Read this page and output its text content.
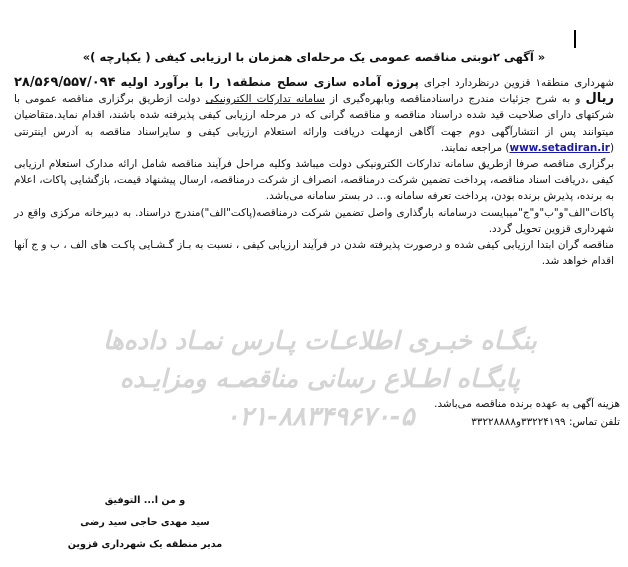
« آگهی ۲نوبتی مناقصه عمومی یک مرحله‌ای همزمان با ارزیابی کیفی ( یکپارچه )»

شهرداری منطقه۱ قزوین درنظردارد اجرای پروژه آماده سازی سطح منطقه۱ را با برآورد اولیه ۲۸/۵۶۹/۵۵۷/۰۹۴ ریال و به شرح جزئیات مندرج دراسنادمناقصه وبابهره‌گیری از سامانه تدارکات الکترونیکی دولت ازطریق برگزاری مناقصه عمومی با شرکتهای دارای صلاحیت قید شده دراسناد مناقصه و مناقصه گرانی که در مرحله ارزیابی کیفی پذیرفته شده باشند، اقدام نماید.متقاضیان میتوانند پس از انتشارآگهی دوم جهت آگاهی ازمهلت دریافت وارائه استعلام ارزیابی کیفی و سایراسناد مناقصه به آدرس اینترنتی (www.setadiran.ir) مراجعه نمایند.

برگزاری مناقصه صرفا ازطریق سامانه تدارکات الکترونیکی دولت میباشد وکلیه مراحل فرآیند مناقصه شامل ارائه مدارک استعلام ارزیابی کیفی ،دریافت اسناد مناقصه، پرداخت تضمین شرکت درمناقصه، انصراف از شرکت درمناقصه، ارسال پیشنهاد قیمت، بازگشایی پاکات، اعلام به برنده، پذیرش برنده بودن، پرداخت تعرفه سامانه و... در بستر سامانه می‌باشد.

پاکات"الف"و"ب"و"ج"میبایست درسامانه بارگذاری واصل تضمین شرکت درمناقصه(پاکت"الف")مندرج دراسناد. به دبیرخانه مرکزی واقع در شهرداری قزوین تحویل گردد.

مناقصه گران ابتدا ارزیابی کیفی شده و درصورت پذیرفته شدن در فرآیند ارزیابی کیفی ، نسبت به بـاز گـشـایی پاکـت های الف ، ب و ج آنها اقدام خواهد شد.

بنگـاه خبـری اطلاعـات پـارس نمـاد داده‌ها
پایگـاه اطـلاع رسانی مناقصـه ومزایـده
۰۲۱-۸۸۳۴۹۶۷۰-۵	هزینه آگهی به عهده برنده مناقصه می‌باشد.
تلفن تماس: ۳۳۲۲۴۱۹۹و۳۳۲۲۸۸۸۸
و من ا... التوفیق
سید مهدی حاجی سید رضی
مدیر منطقه یک شهرداری قزوین
